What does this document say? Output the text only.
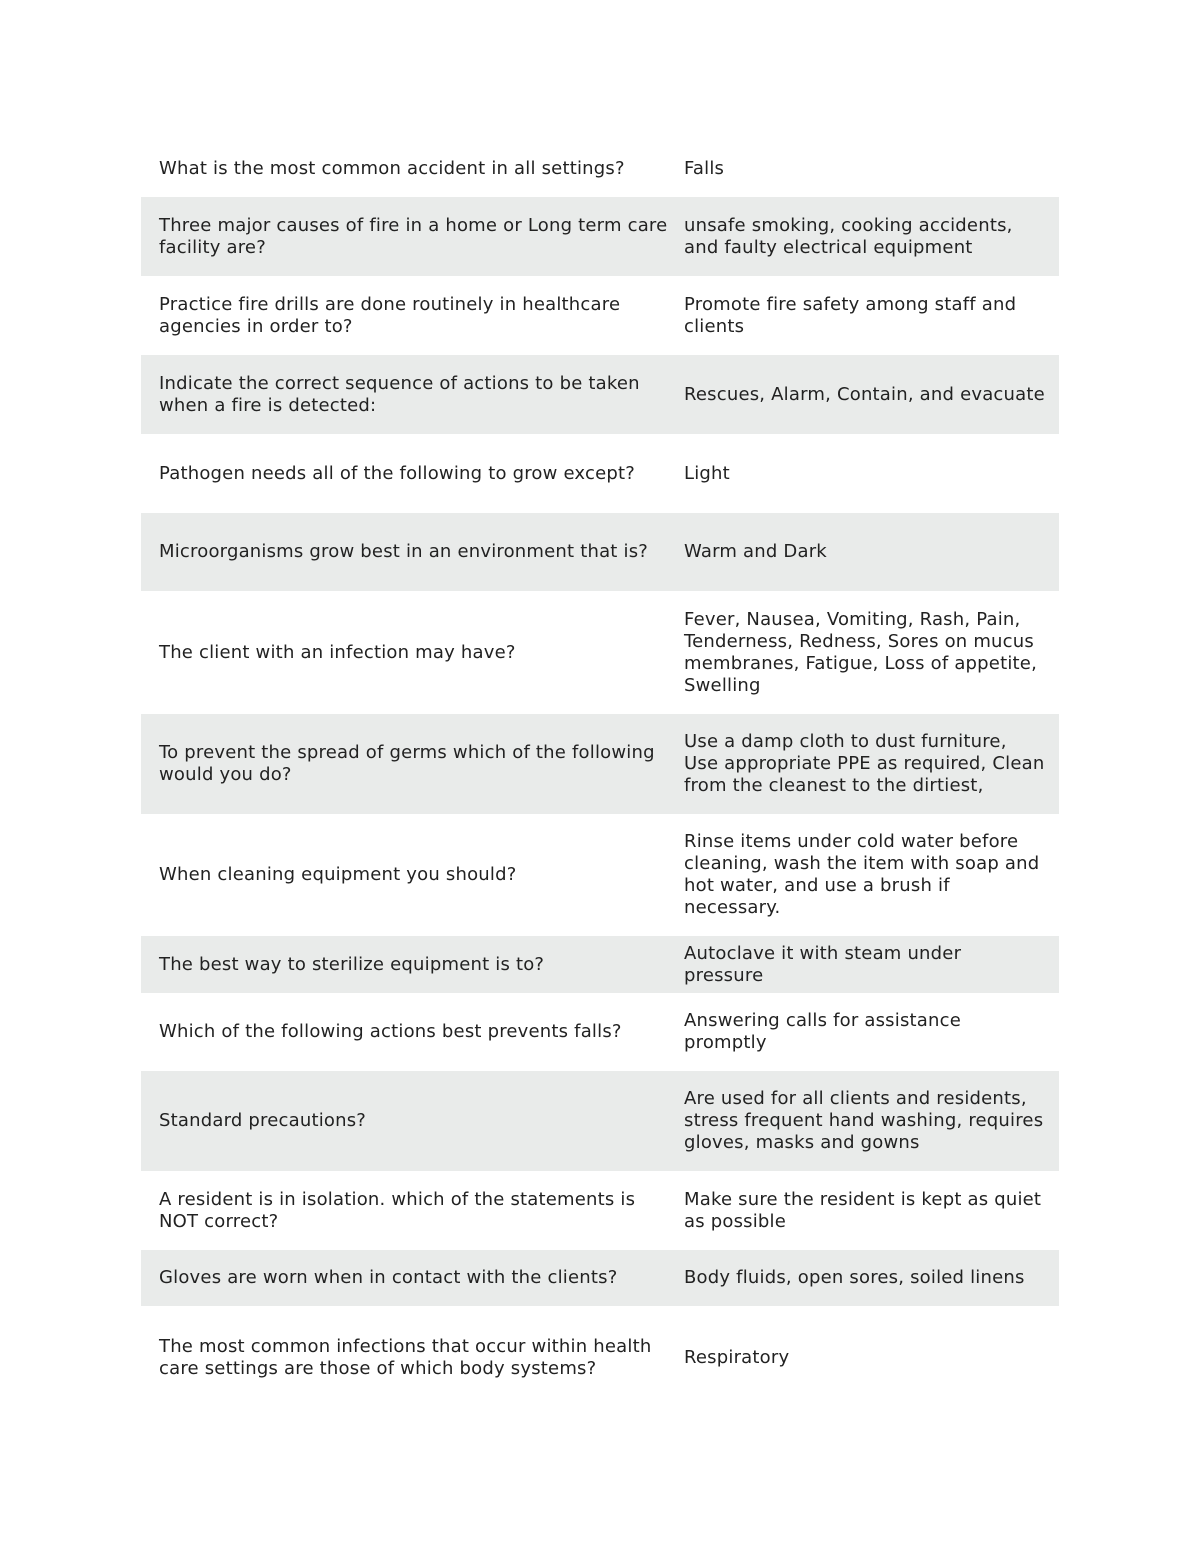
What is the most common accident in all settings?	Falls

Three major causes of fire in a home or Long term care facility are?	unsafe smoking, cooking accidents, and faulty electrical equipment

Practice fire drills are done routinely in healthcare agencies in order to?	Promote fire safety among staff and clients

Indicate the correct sequence of actions to be taken when a fire is detected:	Rescues, Alarm, Contain, and evacuate

Pathogen needs all of the following to grow except?	Light

Microorganisms grow best in an environment that is?	Warm and Dark

The client with an infection may have?	Fever, Nausea, Vomiting, Rash, Pain, Tenderness, Redness, Sores on mucus membranes, Fatigue, Loss of appetite, Swelling

To prevent the spread of germs which of the following would you do?	Use a damp cloth to dust furniture, Use appropriate PPE as required, Clean from the cleanest to the dirtiest,

When cleaning equipment you should?	Rinse items under cold water before cleaning, wash the item with soap and hot water, and use a brush if necessary.

The best way to sterilize equipment is to?	Autoclave it with steam under pressure

Which of the following actions best prevents falls?	Answering calls for assistance promptly

Standard precautions?	Are used for all clients and residents, stress frequent hand washing, requires gloves, masks and gowns

A resident is in isolation. which of the statements is NOT correct?	Make sure the resident is kept as quiet as possible

Gloves are worn when in contact with the clients?	Body fluids, open sores, soiled linens

The most common infections that occur within health care settings are those of which body systems?	Respiratory
